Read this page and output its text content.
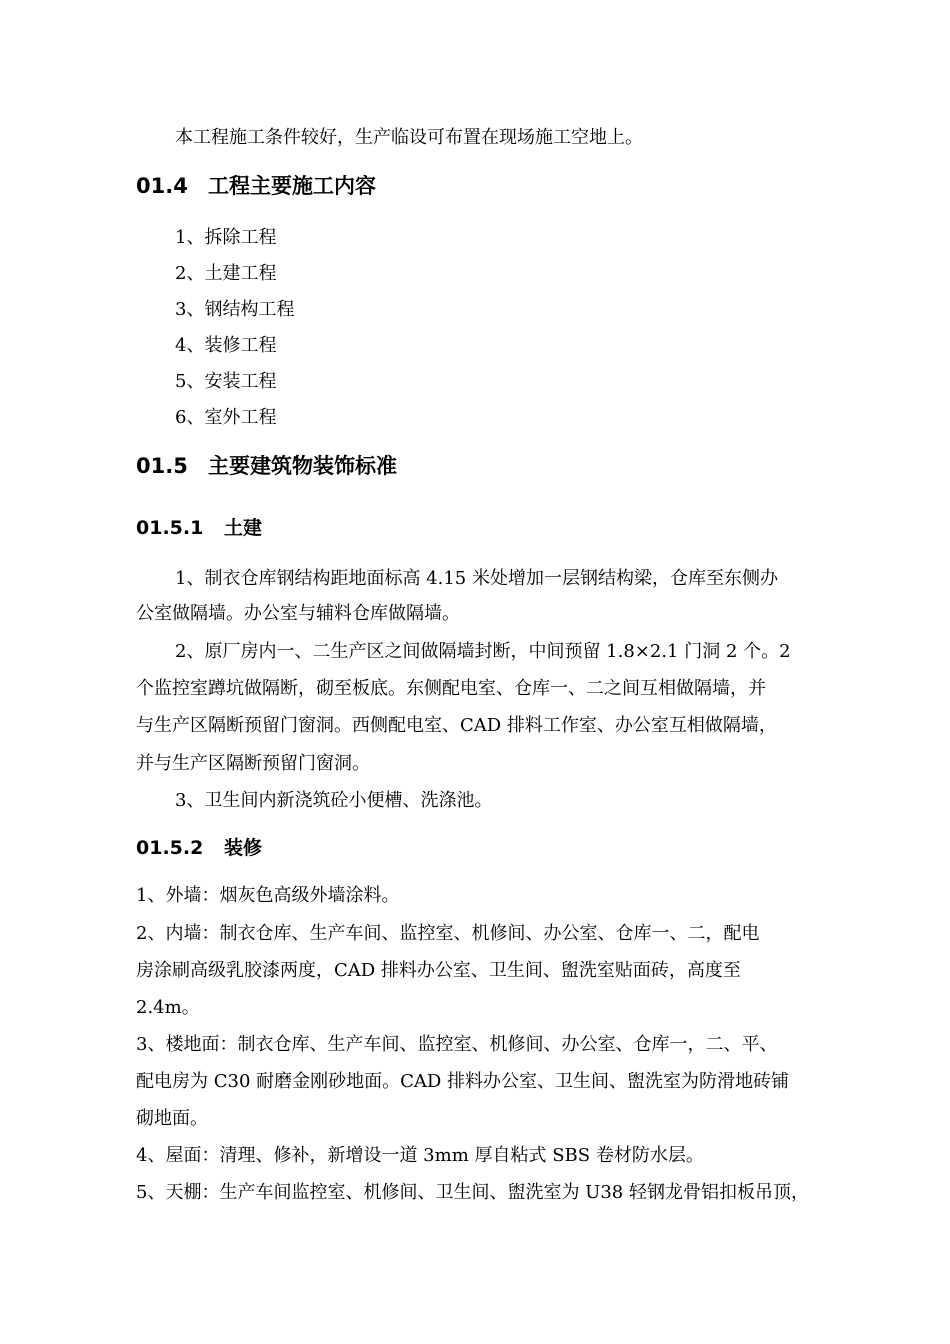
本工程施工条件较好，生产临设可布置在现场施工空地上。
01.4 工程主要施工内容
1、拆除工程
2、土建工程
3、钢结构工程
4、装修工程
5、安装工程
6、室外工程
01.5 主要建筑物装饰标准
01.5.1 土建
1、制衣仓库钢结构距地面标高 4.15 米处增加一层钢结构梁，仓库至东侧办
公室做隔墙。办公室与辅料仓库做隔墙。
2、原厂房内一、二生产区之间做隔墙封断，中间预留 1.8×2.1 门洞 2 个。2
个监控室蹲坑做隔断，砌至板底。东侧配电室、仓库一、二之间互相做隔墙，并
与生产区隔断预留门窗洞。西侧配电室、CAD 排料工作室、办公室互相做隔墙，
并与生产区隔断预留门窗洞。
3、卫生间内新浇筑砼小便槽、洗涤池。
01.5.2 装修
1、外墙：烟灰色高级外墙涂料。
2、内墙：制衣仓库、生产车间、监控室、机修间、办公室、仓库一、二，配电
房涂刷高级乳胶漆两度，CAD 排料办公室、卫生间、盥洗室贴面砖，高度至
2.4m。
3、楼地面：制衣仓库、生产车间、监控室、机修间、办公室、仓库一，二、平、
配电房为 C30 耐磨金刚砂地面。CAD 排料办公室、卫生间、盥洗室为防滑地砖铺
砌地面。
4、屋面：清理、修补，新增设一道 3mm 厚自粘式 SBS 卷材防水层。
5、天棚：生产车间监控室、机修间、卫生间、盥洗室为 U38 轻钢龙骨铝扣板吊顶，
